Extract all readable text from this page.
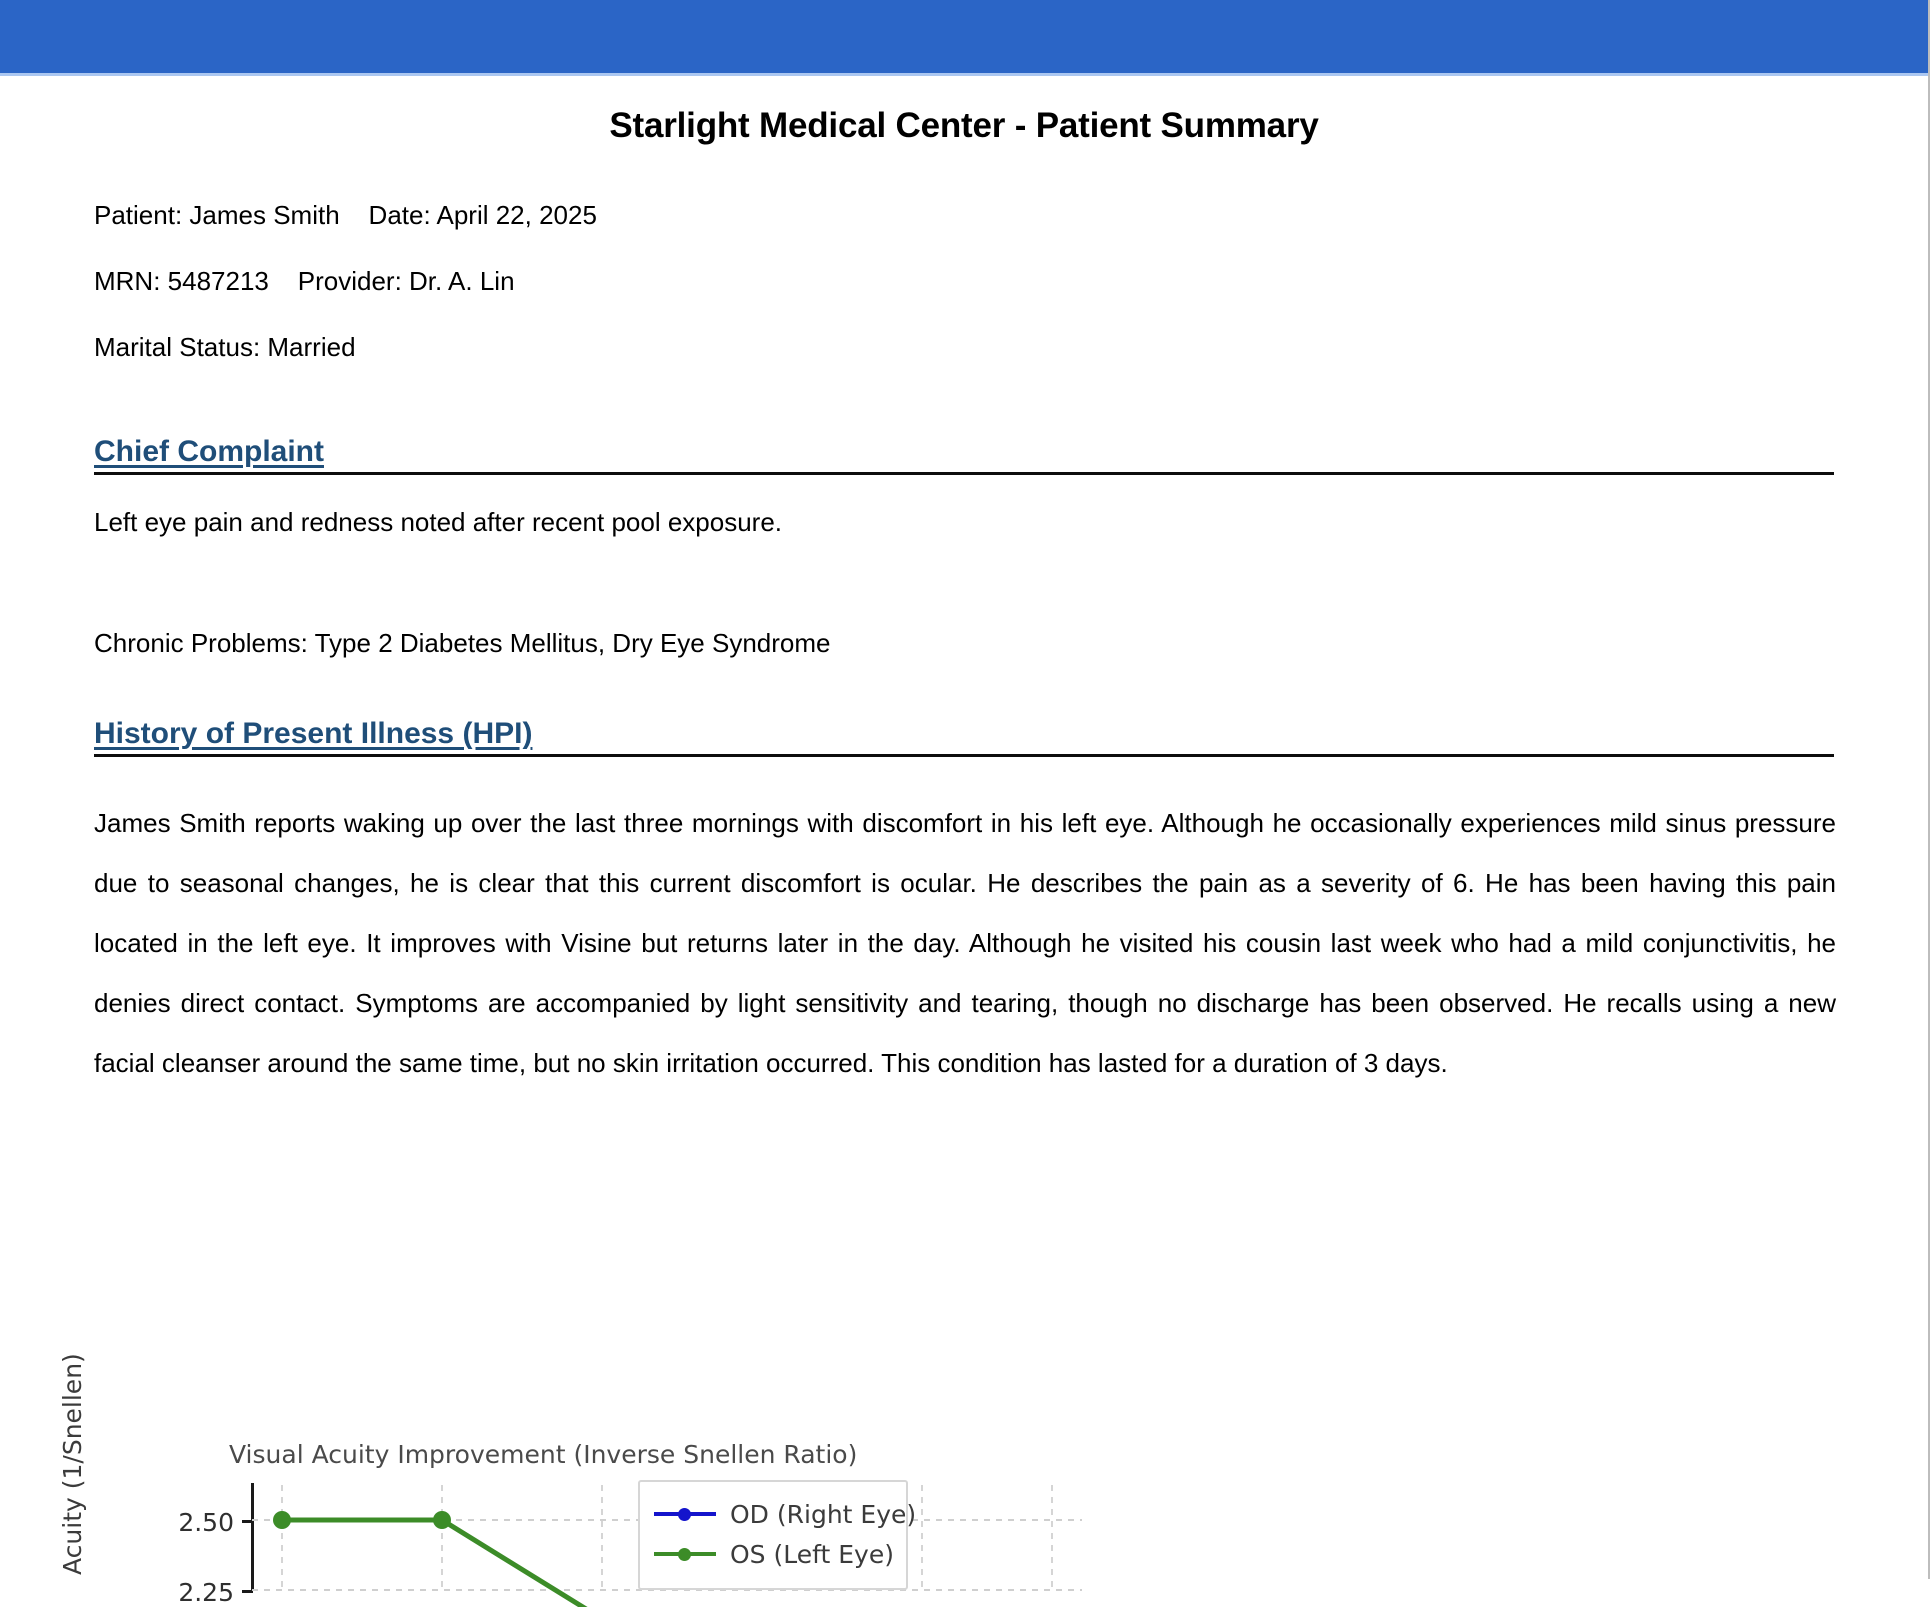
Starlight Medical Center - Patient Summary
Patient: James Smith    Date: April 22, 2025
MRN: 5487213    Provider: Dr. A. Lin
Marital Status: Married
Chief Complaint
Left eye pain and redness noted after recent pool exposure.
Chronic Problems: Type 2 Diabetes Mellitus, Dry Eye Syndrome
History of Present Illness (HPI)
James Smith reports waking up over the last three mornings with discomfort in his left eye. Although he occasionally experiences mild sinus pressure due to seasonal changes, he is clear that this current discomfort is ocular. He describes the pain as a severity of 6. He has been having this pain located in the left eye. It improves with Visine but returns later in the day. Although he visited his cousin last week who had a mild conjunctivitis, he denies direct contact. Symptoms are accompanied by light sensitivity and tearing, though no discharge has been observed. He recalls using a new facial cleanser around the same time, but no skin irritation occurred. This condition has lasted for a duration of 3 days.
Acuity (1/Snellen)	Visual Acuity Improvement (Inverse Snellen Ratio)
2.50
2.25
OD (Right Eye)
OS (Left Eye)
